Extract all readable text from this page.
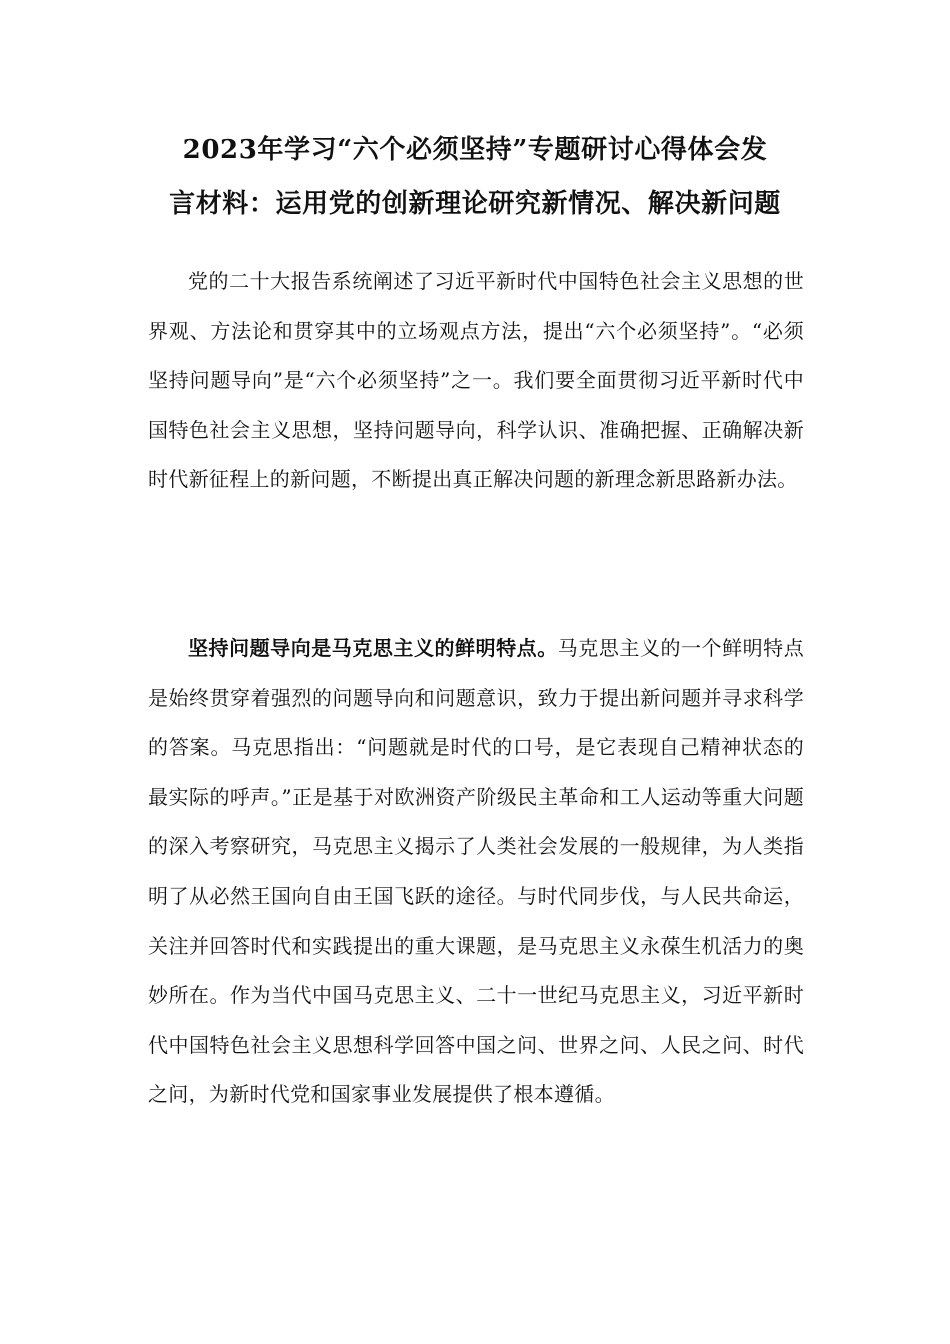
2023年学习“六个必须坚持”专题研讨心得体会发
言材料：运用党的创新理论研究新情况、解决新问题

党的二十大报告系统阐述了习近平新时代中国特色社会主义思想的世界观、方法论和贯穿其中的立场观点方法，提出“六个必须坚持”。“必须坚持问题导向”是“六个必须坚持”之一。我们要全面贯彻习近平新时代中国特色社会主义思想，坚持问题导向，科学认识、准确把握、正确解决新时代新征程上的新问题，不断提出真正解决问题的新理念新思路新办法。

坚持问题导向是马克思主义的鲜明特点。马克思主义的一个鲜明特点是始终贯穿着强烈的问题导向和问题意识，致力于提出新问题并寻求科学的答案。马克思指出：“问题就是时代的口号，是它表现自己精神状态的最实际的呼声。”正是基于对欧洲资产阶级民主革命和工人运动等重大问题的深入考察研究，马克思主义揭示了人类社会发展的一般规律，为人类指明了从必然王国向自由王国飞跃的途径。与时代同步伐，与人民共命运，关注并回答时代和实践提出的重大课题，是马克思主义永葆生机活力的奥妙所在。作为当代中国马克思主义、二十一世纪马克思主义，习近平新时代中国特色社会主义思想科学回答中国之问、世界之问、人民之问、时代之问，为新时代党和国家事业发展提供了根本遵循。
